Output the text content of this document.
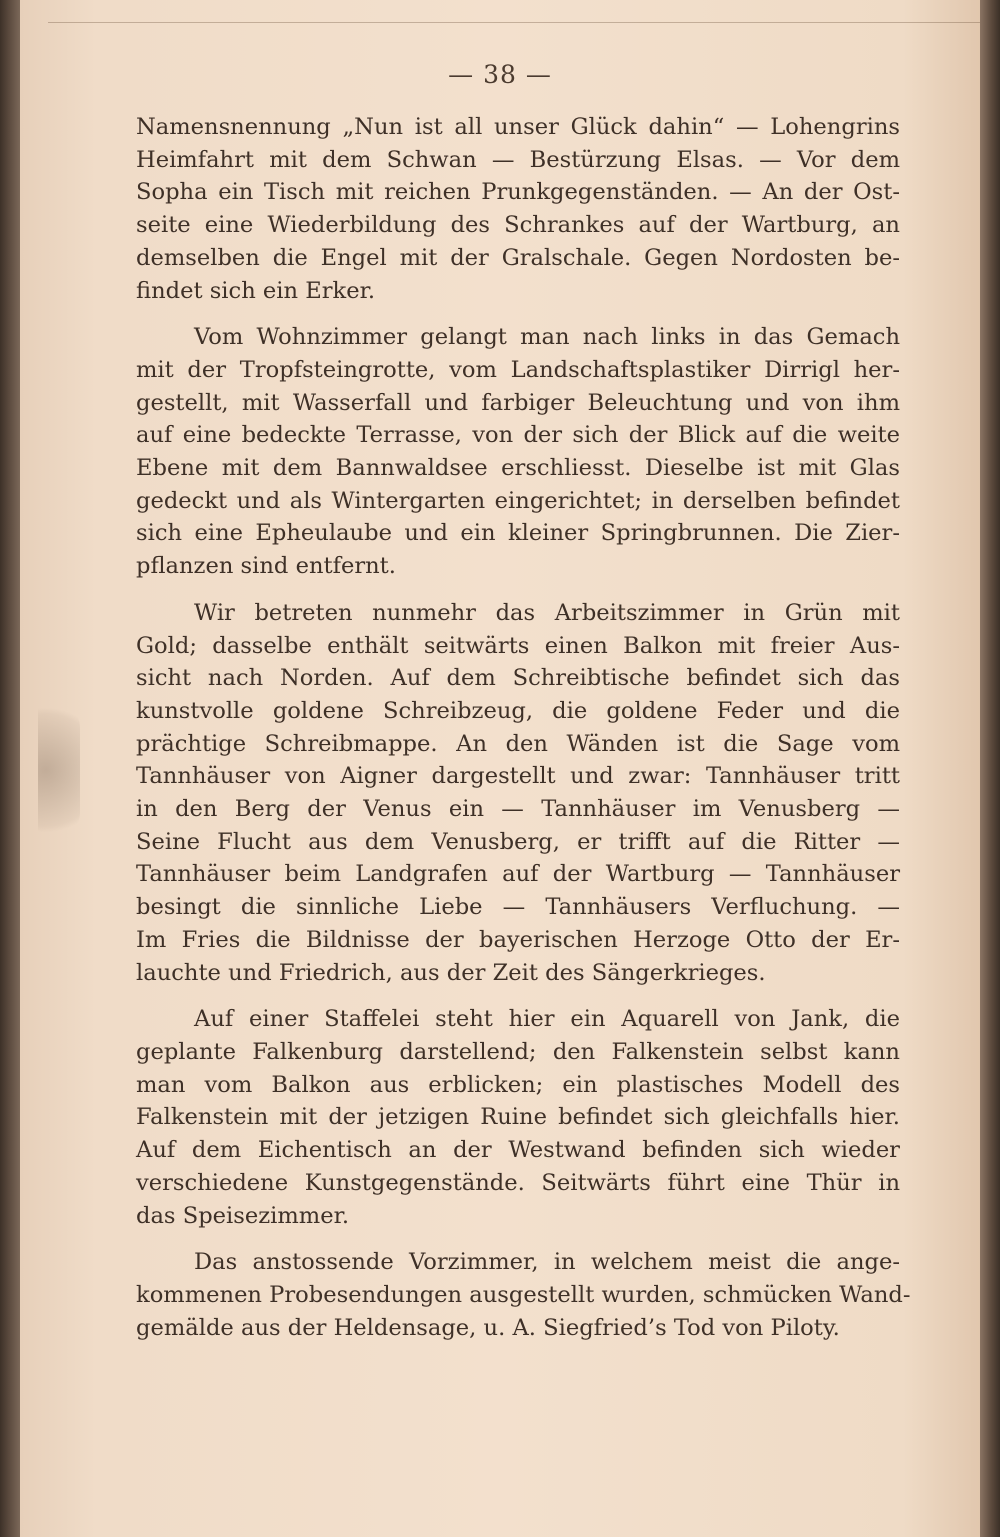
— 38 —
Namensnennung „Nun ist all unser Glück dahin“ — Lohengrins
Heimfahrt mit dem Schwan — Bestürzung Elsas. — Vor dem
Sopha ein Tisch mit reichen Prunkgegenständen. — An der Ost-
seite eine Wiederbildung des Schrankes auf der Wartburg, an
demselben die Engel mit der Gralschale. Gegen Nordosten be-
findet sich ein Erker.
Vom Wohnzimmer gelangt man nach links in das Gemach
mit der Tropfsteingrotte, vom Landschaftsplastiker Dirrigl her-
gestellt, mit Wasserfall und farbiger Beleuchtung und von ihm
auf eine bedeckte Terrasse, von der sich der Blick auf die weite
Ebene mit dem Bannwaldsee erschliesst. Dieselbe ist mit Glas
gedeckt und als Wintergarten eingerichtet; in derselben befindet
sich eine Epheulaube und ein kleiner Springbrunnen. Die Zier-
pflanzen sind entfernt.
Wir betreten nunmehr das Arbeitszimmer in Grün mit
Gold; dasselbe enthält seitwärts einen Balkon mit freier Aus-
sicht nach Norden. Auf dem Schreibtische befindet sich das
kunstvolle goldene Schreibzeug, die goldene Feder und die
prächtige Schreibmappe. An den Wänden ist die Sage vom
Tannhäuser von Aigner dargestellt und zwar: Tannhäuser tritt
in den Berg der Venus ein — Tannhäuser im Venusberg —
Seine Flucht aus dem Venusberg, er trifft auf die Ritter —
Tannhäuser beim Landgrafen auf der Wartburg — Tannhäuser
besingt die sinnliche Liebe — Tannhäusers Verfluchung. —
Im Fries die Bildnisse der bayerischen Herzoge Otto der Er-
lauchte und Friedrich, aus der Zeit des Sängerkrieges.
Auf einer Staffelei steht hier ein Aquarell von Jank, die
geplante Falkenburg darstellend; den Falkenstein selbst kann
man vom Balkon aus erblicken; ein plastisches Modell des
Falkenstein mit der jetzigen Ruine befindet sich gleichfalls hier.
Auf dem Eichentisch an der Westwand befinden sich wieder
verschiedene Kunstgegenstände. Seitwärts führt eine Thür in
das Speisezimmer.
Das anstossende Vorzimmer, in welchem meist die ange-
kommenen Probesendungen ausgestellt wurden, schmücken Wand-
gemälde aus der Heldensage, u. A. Siegfried’s Tod von Piloty.
